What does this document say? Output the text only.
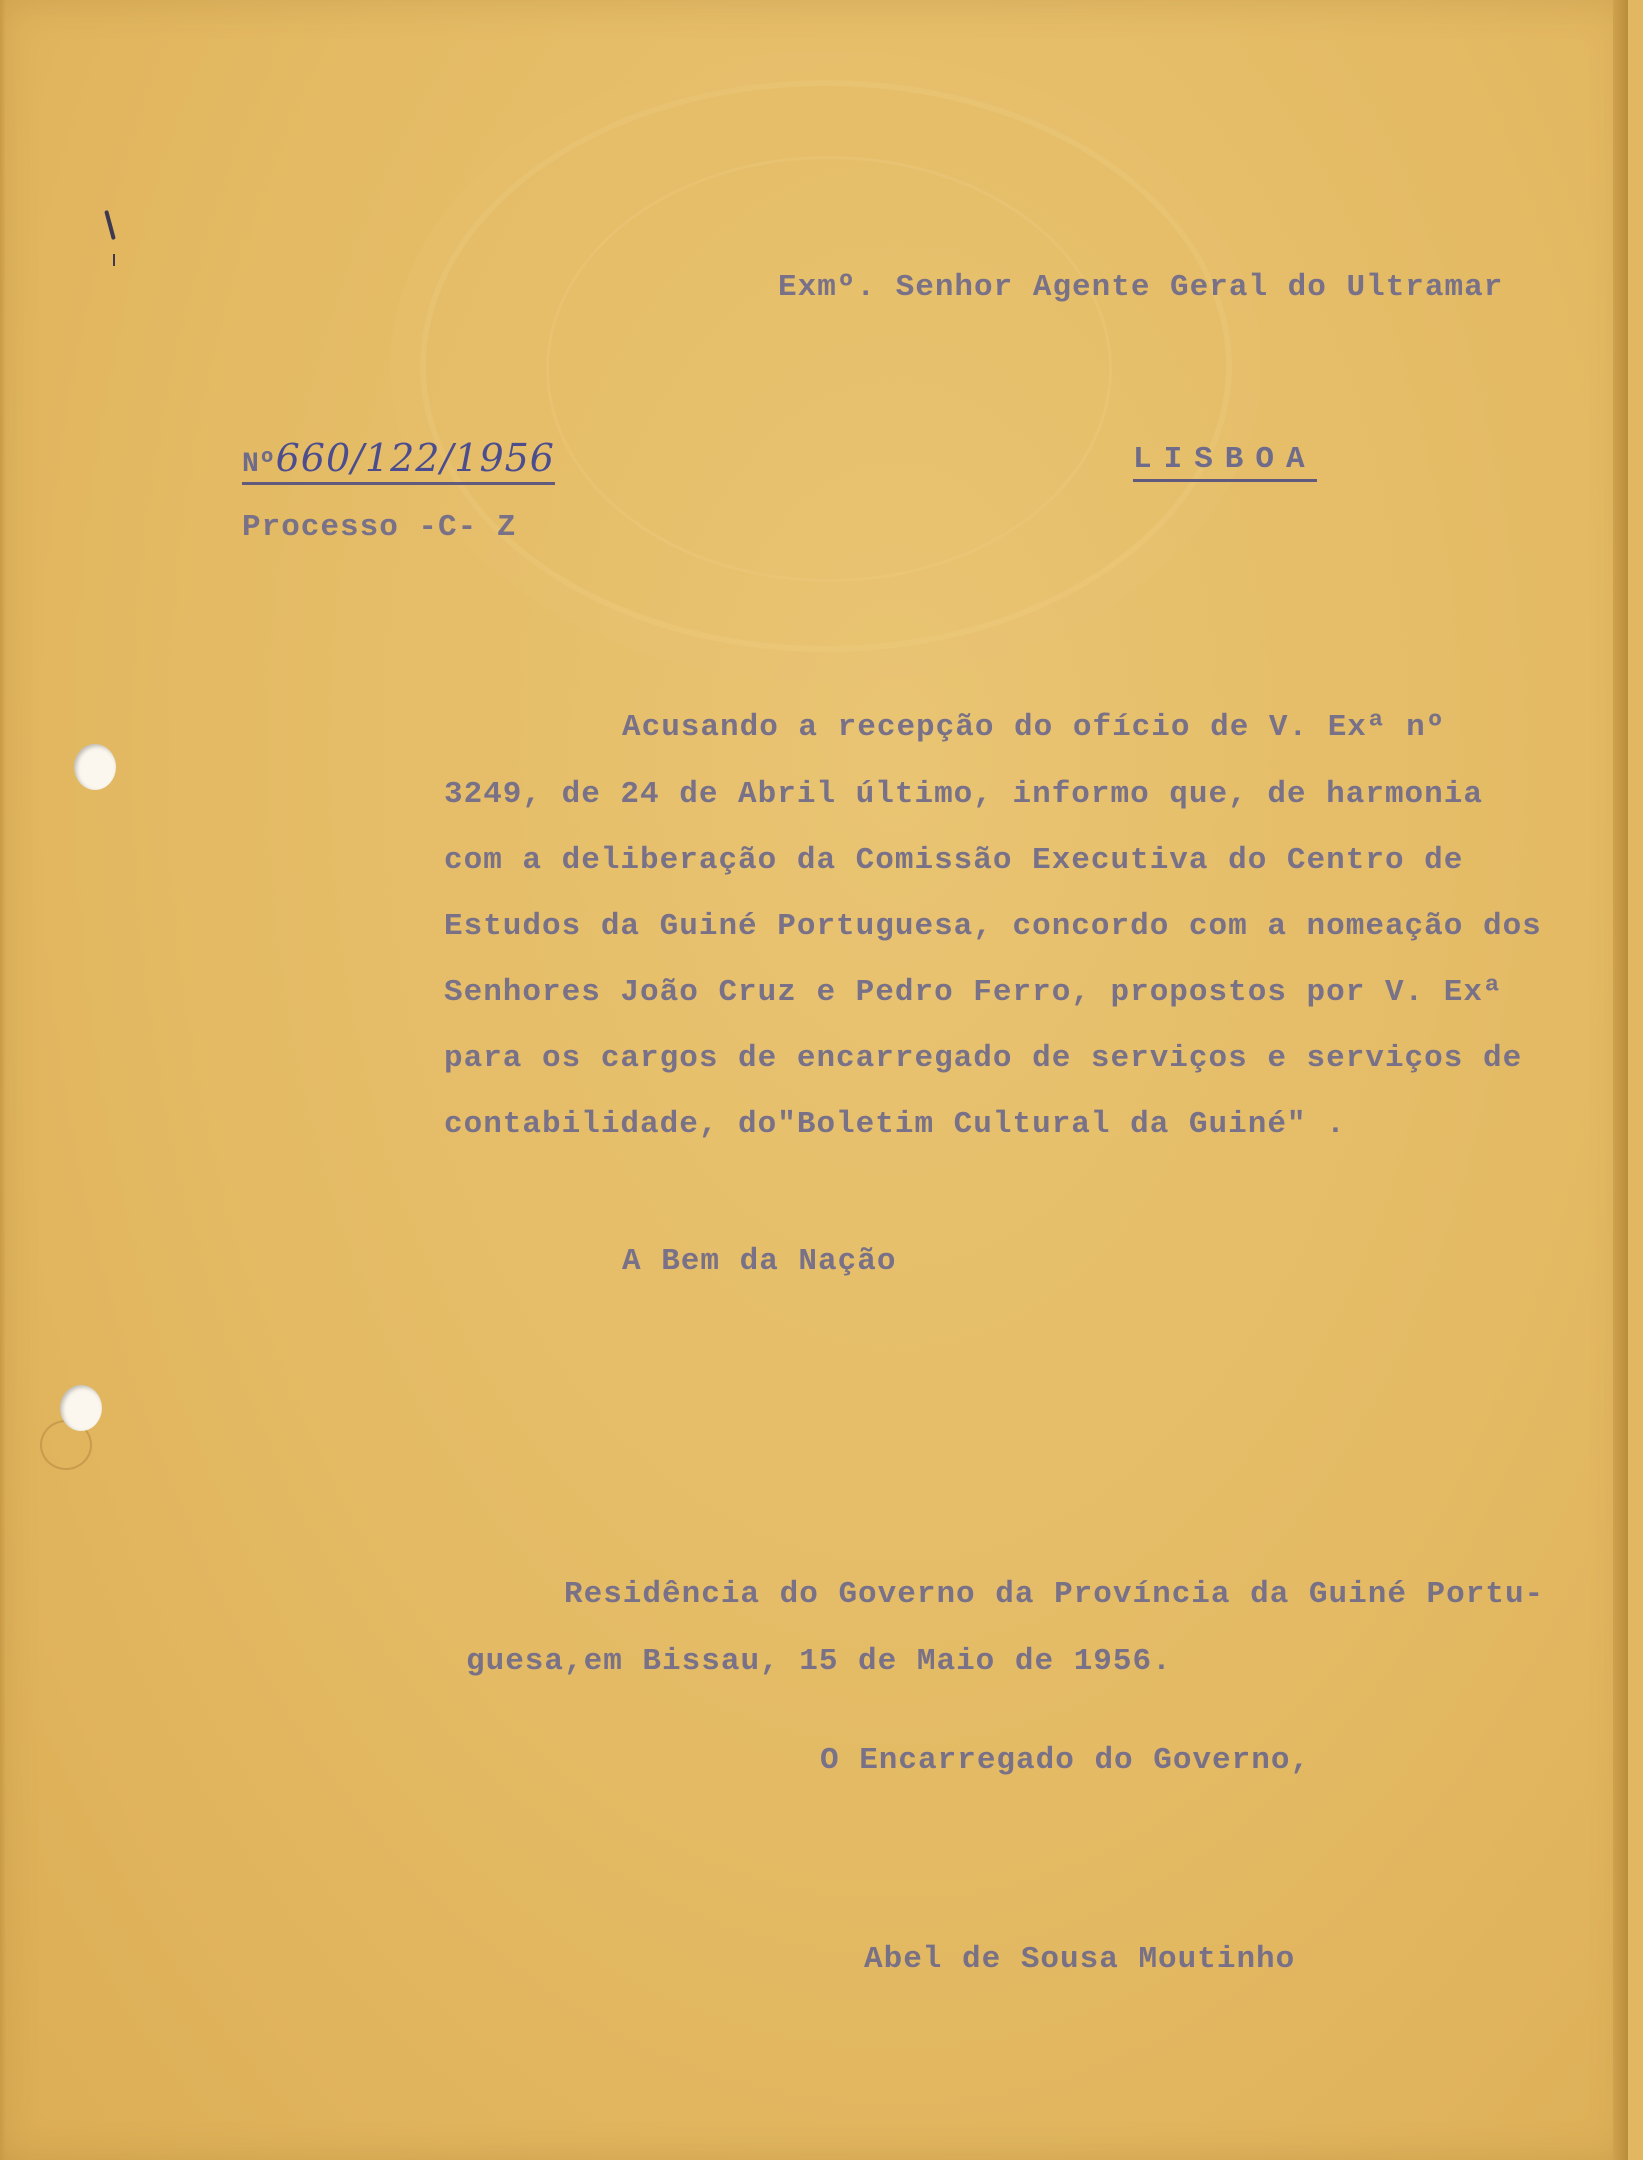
Exmº. Senhor Agente Geral do Ultramar
Nº660/122/1956	LISBOA
Processo -C- Z
Acusando a recepção do ofício de V. Exª nº
3249, de 24 de Abril último, informo que, de harmonia
com a deliberação da Comissão Executiva do Centro de
Estudos da Guiné Portuguesa, concordo com a nomeação dos
Senhores João Cruz e Pedro Ferro, propostos por V. Exª
para os cargos de encarregado de serviços e serviços de
contabilidade, do"Boletim Cultural da Guiné" .
A Bem da Nação
Residência do Governo da Província da Guiné Portu-
guesa,em Bissau, 15 de Maio de 1956.
O Encarregado do Governo,
Abel de Sousa Moutinho
